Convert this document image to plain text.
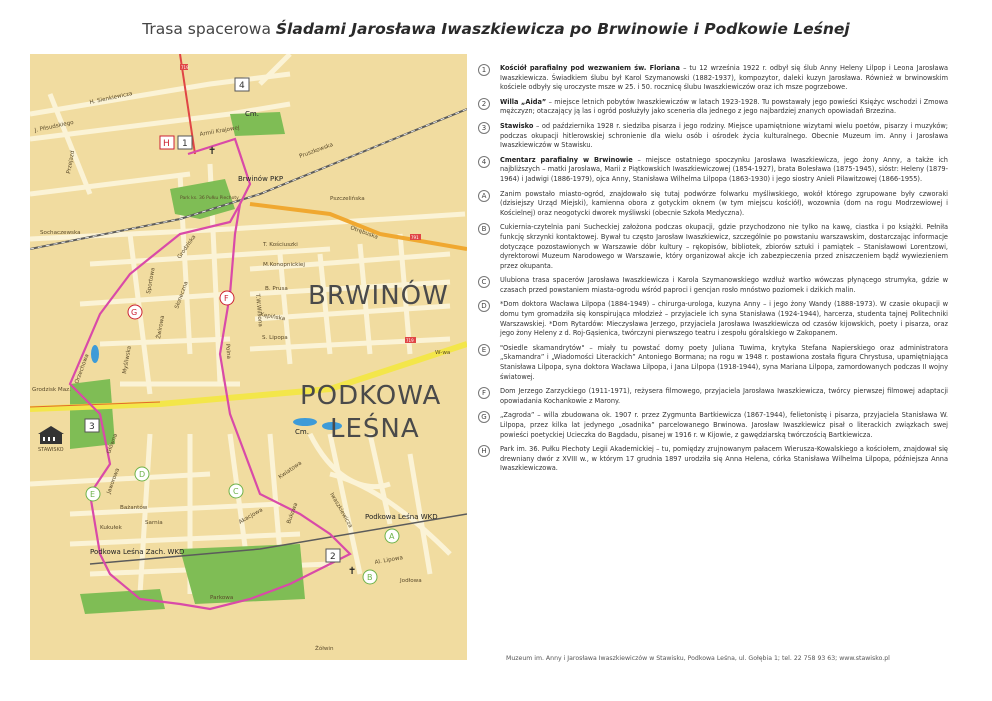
Trasa spacerowa Śladami Jarosława Iwaszkiewicza po Brwinowie i Podkowie Leśnej
BRWINÓW
PODKOWA
LEŚNA
Brwinów PKP
Podkowa Leśna WKD
Podkowa Leśna Zach. WKD
Cm.
Cm.
Grodzisk Maz.
W-wa
Żółwin
STAWISKO
Park ks. 36 Pułku Piechoty
H. Sienkiewicza
J. Piłsudskiego
Przejazd
Armii Krajowej
Sochaczewska
Pruszkowska
Pszczelińska
Grodziska
Otrębuska
T. Kościuszki
M.Konopnickiej
B. Prusa
Kępińska
S. Lipopa
Polna
T.W.Wilsona
Sportowa
Słoneczna
Myśliwska
Żwirowa
Orzechowa
Główna
Sarnia
Bażantów
Kukułek
Jaworowa	Kwiatowa
Akacjowa	Bukowa
Parkowa
Jodłowa
Al. Lipowa
Iwaszkiewicza
719
791
719
✝
✝
1
2
3
4
H
A
B
C
D
E
F
G
1	Kościół parafialny pod wezwaniem św. Floriana – tu 12 września 1922 r. odbył się ślub Anny Heleny Lilpop i Leona Jarosława Iwaszkiewicza. Świadkiem ślubu był Karol Szymanowski (1882-1937), kompozytor, daleki kuzyn Jarosława. Również w brwinowskim kościele odbyły się uroczyste msze w 25. i 50. rocznicę ślubu Iwaszkiewiczów oraz ich msze pogrzebowe.
2	Willa „Aida” – miejsce letnich pobytów Iwaszkiewiczów w latach 1923-1928. Tu powstawały jego powieści Księżyc wschodzi i Zmowa mężczyzn; otaczający ją las i ogród posłużyły jako sceneria dla jednego z jego najbardziej znanych opowiadań Brzezina.
3	Stawisko – od października 1928 r. siedziba pisarza i jego rodziny. Miejsce upamiętnione wizytami wielu poetów, pisarzy i muzyków; podczas okupacji hitlerowskiej schronienie dla wielu osób i ośrodek życia kulturalnego. Obecnie Muzeum im. Anny i Jarosława Iwaszkiewiczów w Stawisku.
4	Cmentarz parafialny w Brwinowie – miejsce ostatniego spoczynku Jarosława Iwaszkiewicza, jego żony Anny, a także ich najbliższych – matki Jarosława, Marii z Piątkowskich Iwaszkiewiczowej (1854-1927), brata Bolesława (1875-1945), sióstr: Heleny (1879-1964) i Jadwigi (1886-1979), ojca Anny, Stanisława Wilhelma Lilpopa (1863-1930) i jego siostry Anieli Pilawitzowej (1866-1955).
A	Zanim powstało miasto-ogród, znajdowało się tutaj podwórze folwarku myśliwskiego, wokół którego zgrupowane były czworaki (dzisiejszy Urząd Miejski), kamienna obora z gotyckim oknem (w tym miejscu kościół), wozownia (dom na rogu Modrzewiowej i Kościelnej) oraz neogotycki dworek myśliwski (obecnie Szkoła Medyczna).
B	Cukiernia-czytelnia pani Sucheckiej założona podczas okupacji, gdzie przychodzono nie tylko na kawę, ciastka i po książki. Pełniła funkcję skrzynki kontaktowej. Bywał tu często Jarosław Iwaszkiewicz, szczególnie po powstaniu warszawskim, dostarczając informacje dotyczące pozostawionych w Warszawie dóbr kultury – rękopisów, bibliotek, zbiorów sztuki i pamiątek – Stanisławowi Lorentzowi, dyrektorowi Muzeum Narodowego w Warszawie, który organizował akcje ich zabezpieczenia przed zniszczeniem bądź wywiezieniem przez okupanta.
C	Ulubiona trasa spacerów Jarosława Iwaszkiewicza i Karola Szymanowskiego wzdłuż wartko wówczas płynącego strumyka, gdzie w czasach przed powstaniem miasta-ogrodu wśród paproci i gencjan rosło mnóstwo poziomek i dzikich malin.
D	*Dom doktora Wacława Lilpopa (1884-1949) – chirurga-urologa, kuzyna Anny – i jego żony Wandy (1888-1973). W czasie okupacji w domu tym gromadziła się konspirująca młodzież – przyjaciele ich syna Stanisława (1924-1944), harcerza, studenta tajnej Politechniki Warszawskiej. *Dom Rytardów: Mieczysława Jerzego, przyjaciela Jarosława Iwaszkiewicza od czasów kijowskich, poety i pisarza, oraz jego żony Heleny z d. Roj-Gąsienica, twórczyni pierwszego teatru i zespołu góralskiego w Zakopanem.
E	"Osiedle skamandrytów" – miały tu powstać domy poety Juliana Tuwima, krytyka Stefana Napierskiego oraz administratora „Skamandra” i „Wiadomości Literackich” Antoniego Bormana; na rogu w 1948 r. postawiona została figura Chrystusa, upamiętniająca Stanisława Lilpopa, syna doktora Wacława Lilpopa, i Jana Lilpopa (1918-1944), syna Mariana Lilpopa, zamordowanych podczas II wojny światowej.
F	Dom Jerzego Zarzyckiego (1911-1971), reżysera filmowego, przyjaciela Jarosława Iwaszkiewicza, twórcy pierwszej filmowej adaptacji opowiadania Kochankowie z Marony.
G	„Zagroda” – willa zbudowana ok. 1907 r. przez Zygmunta Bartkiewicza (1867-1944), felietonistę i pisarza, przyjaciela Stanisława W. Lilpopa, przez kilka lat jedynego „osadnika” parcelowanego Brwinowa. Jarosław Iwaszkiewicz pisał o literackich związkach swej powieści poetyckiej Ucieczka do Bagdadu, pisanej w 1916 r. w Kijowie, z gawędziarską twórczością Bartkiewicza.
H	Park im. 36. Pułku Piechoty Legii Akademickiej – tu, pomiędzy zrujnowanym pałacem Wierusza-Kowalskiego a kościołem, znajdował się drewniany dwór z XVIII w., w którym 17 grudnia 1897 urodziła się Anna Helena, córka Stanisława Wilhelma Lilpopa, późniejsza Anna Iwaszkiewiczowa.
Muzeum im. Anny i Jarosława Iwaszkiewiczów w Stawisku, Podkowa Leśna, ul. Gołębia 1; tel. 22 758 93 63; www.stawisko.pl
